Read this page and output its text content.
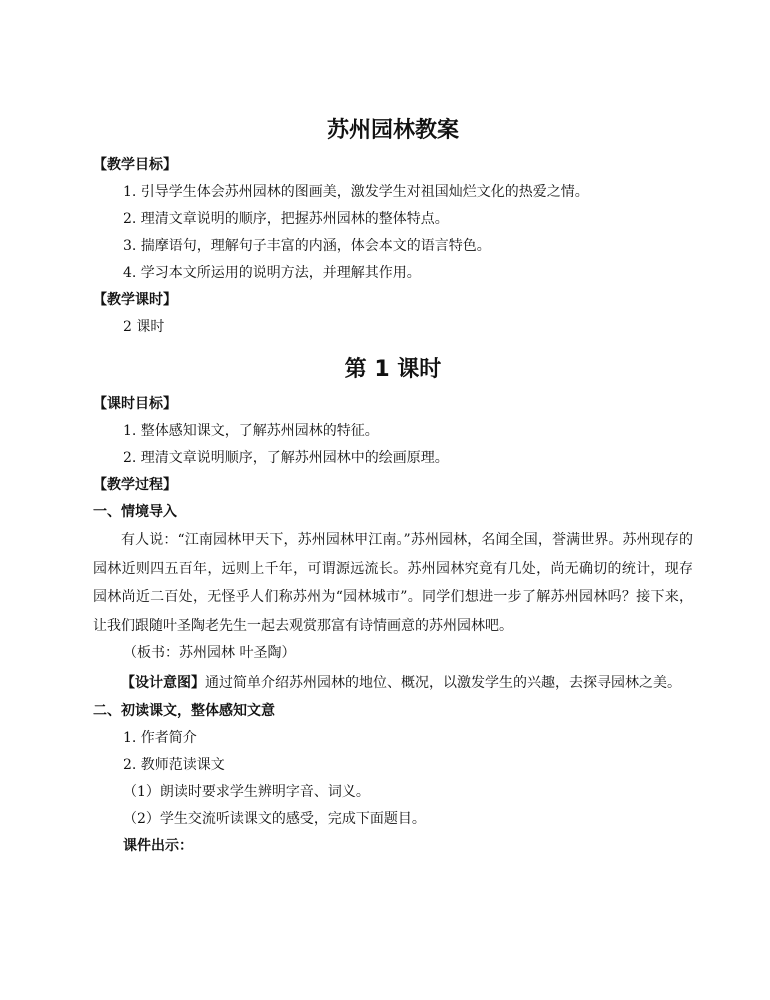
苏州园林教案

【教学目标】

1. 引导学生体会苏州园林的图画美，激发学生对祖国灿烂文化的热爱之情。

2. 理清文章说明的顺序，把握苏州园林的整体特点。

3. 揣摩语句，理解句子丰富的内涵，体会本文的语言特色。

4. 学习本文所运用的说明方法，并理解其作用。

【教学课时】

2 课时

第 1 课时

【课时目标】

1. 整体感知课文，了解苏州园林的特征。

2. 理清文章说明顺序，了解苏州园林中的绘画原理。

【教学过程】

一、情境导入

有人说：“江南园林甲天下，苏州园林甲江南。”苏州园林，名闻全国，誉满世界。苏州现存的园林近则四五百年，远则上千年，可谓源远流长。苏州园林究竟有几处，尚无确切的统计，现存园林尚近二百处，无怪乎人们称苏州为“园林城市”。同学们想进一步了解苏州园林吗？接下来，让我们跟随叶圣陶老先生一起去观赏那富有诗情画意的苏州园林吧。

（板书：苏州园林 叶圣陶）

【设计意图】通过简单介绍苏州园林的地位、概况，以激发学生的兴趣，去探寻园林之美。

二、初读课文，整体感知文意

1. 作者简介

2. 教师范读课文

（1）朗读时要求学生辨明字音、词义。

（2）学生交流听读课文的感受，完成下面题目。

课件出示：
